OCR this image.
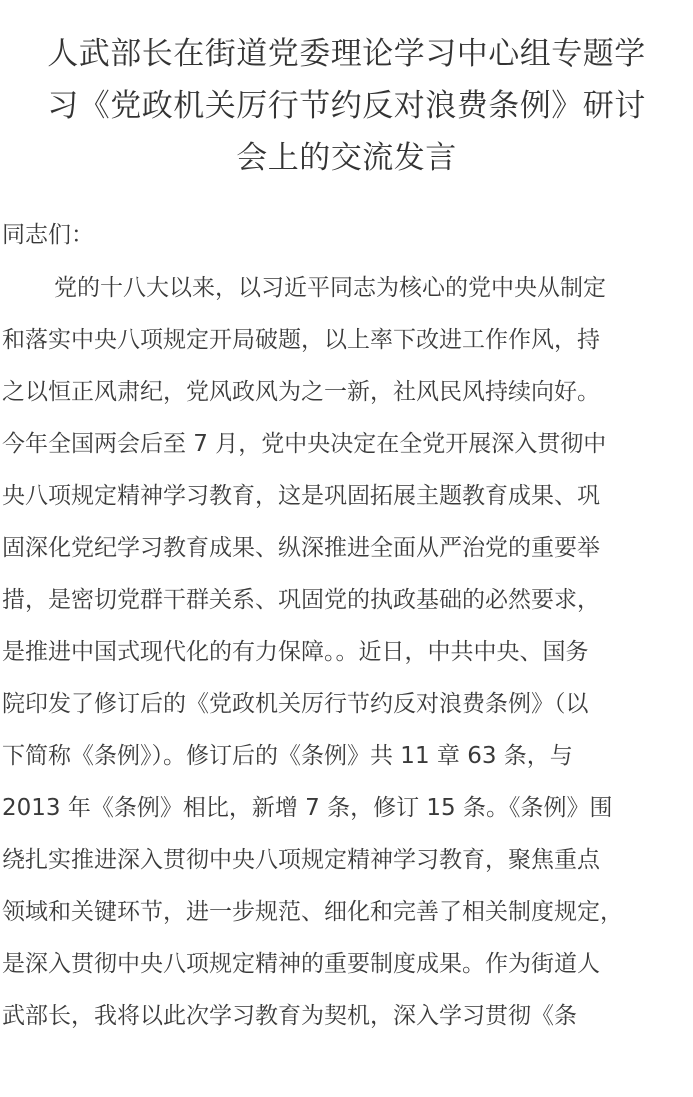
人武部长在街道党委理论学习中心组专题学
习《党政机关厉行节约反对浪费条例》研讨
会上的交流发言

同志们：

党的十八大以来，以习近平同志为核心的党中央从制定
和落实中央八项规定开局破题，以上率下改进工作作风，持
之以恒正风肃纪，党风政风为之一新，社风民风持续向好。
今年全国两会后至 7 月，党中央决定在全党开展深入贯彻中
央八项规定精神学习教育，这是巩固拓展主题教育成果、巩
固深化党纪学习教育成果、纵深推进全面从严治党的重要举
措，是密切党群干群关系、巩固党的执政基础的必然要求，
是推进中国式现代化的有力保障。。近日，中共中央、国务
院印发了修订后的《党政机关厉行节约反对浪费条例》（以
下简称《条例》）。修订后的《条例》共 11 章 63 条，与
2013 年《条例》相比，新增 7 条，修订 15 条。《条例》围
绕扎实推进深入贯彻中央八项规定精神学习教育，聚焦重点
领域和关键环节，进一步规范、细化和完善了相关制度规定，
是深入贯彻中央八项规定精神的重要制度成果。作为街道人
武部长，我将以此次学习教育为契机，深入学习贯彻《条
